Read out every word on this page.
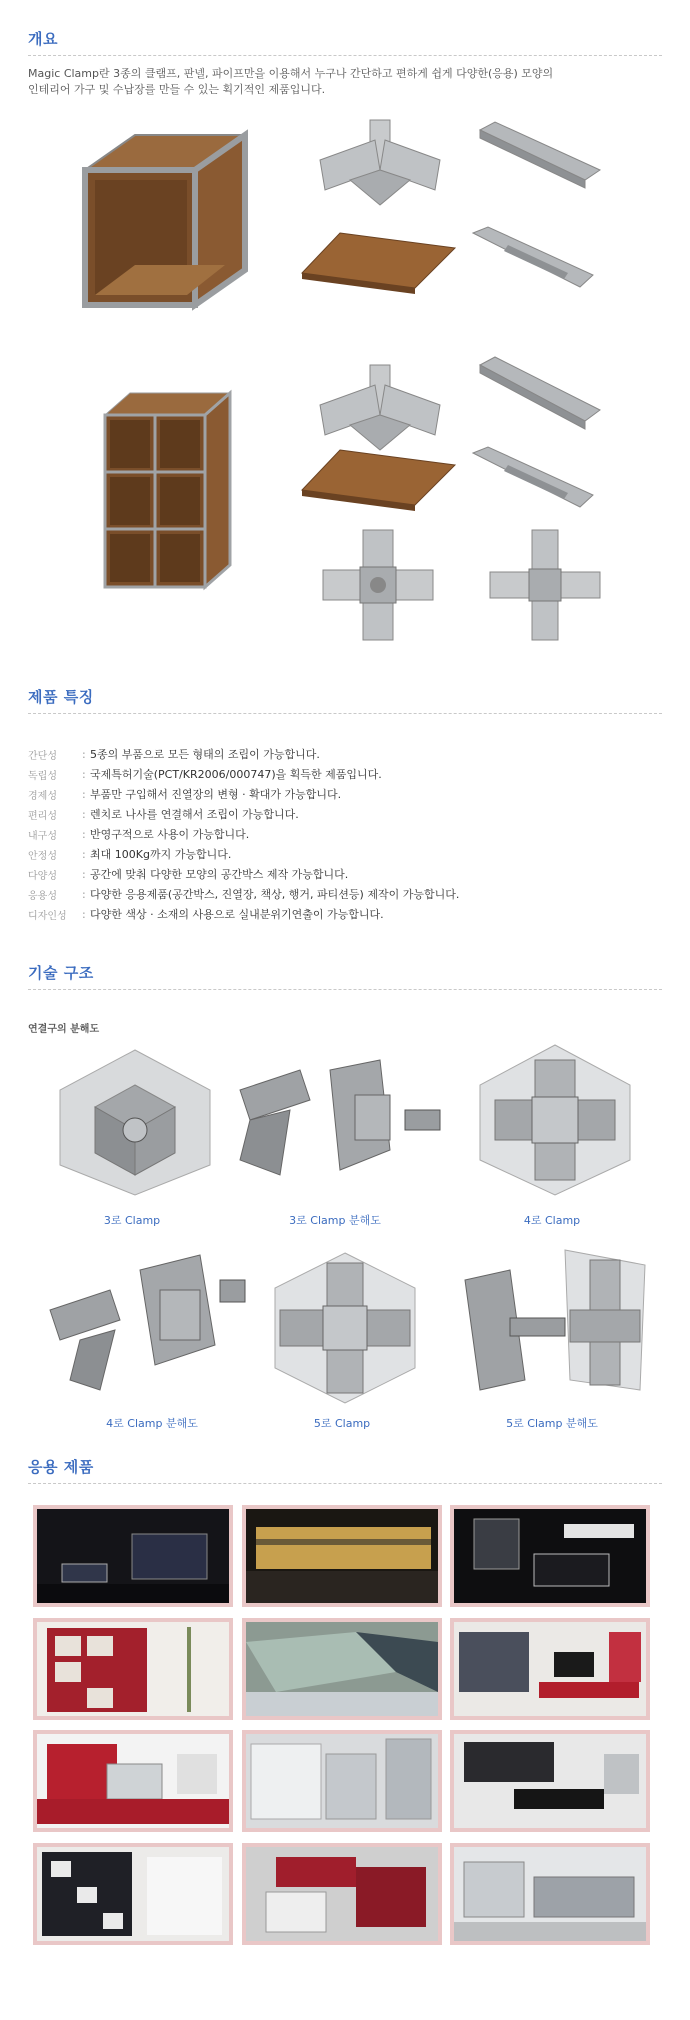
개요
Magic Clamp란 3종의 클램프, 판넬, 파이프만을 이용해서 누구나 간단하고 편하게 쉽게 다양한(응용) 모양의
인테리어 가구 및 수납장를 만들 수 있는 획기적인 제품입니다.
제품 특징
간단성	: 5종의 부품으로 모든 형태의 조립이 가능합니다.
독립성	: 국제특허기술(PCT/KR2006/000747)을 획득한 제품입니다.
경제성	: 부품만 구입해서 진열장의 변형 · 확대가 가능합니다.
편리성	: 렌치로 나사를 연결해서 조립이 가능합니다.
내구성	: 반영구적으로 사용이 가능합니다.
안정성	: 최대 100Kg까지 가능합니다.
다양성	: 공간에 맞춰 다양한 모양의 공간박스 제작 가능합니다.
응용성	: 다양한 응용제품(공간박스, 진열장, 책상, 행거, 파티션등) 제작이 가능합니다.
디자인성	: 다양한 색상 · 소재의 사용으로 실내분위기연출이 가능합니다.
기술 구조
연결구의 분해도
3로 Clamp	3로 Clamp 분해도	4로 Clamp
4로 Clamp 분해도	5로 Clamp	5로 Clamp 분해도
응용 제품
